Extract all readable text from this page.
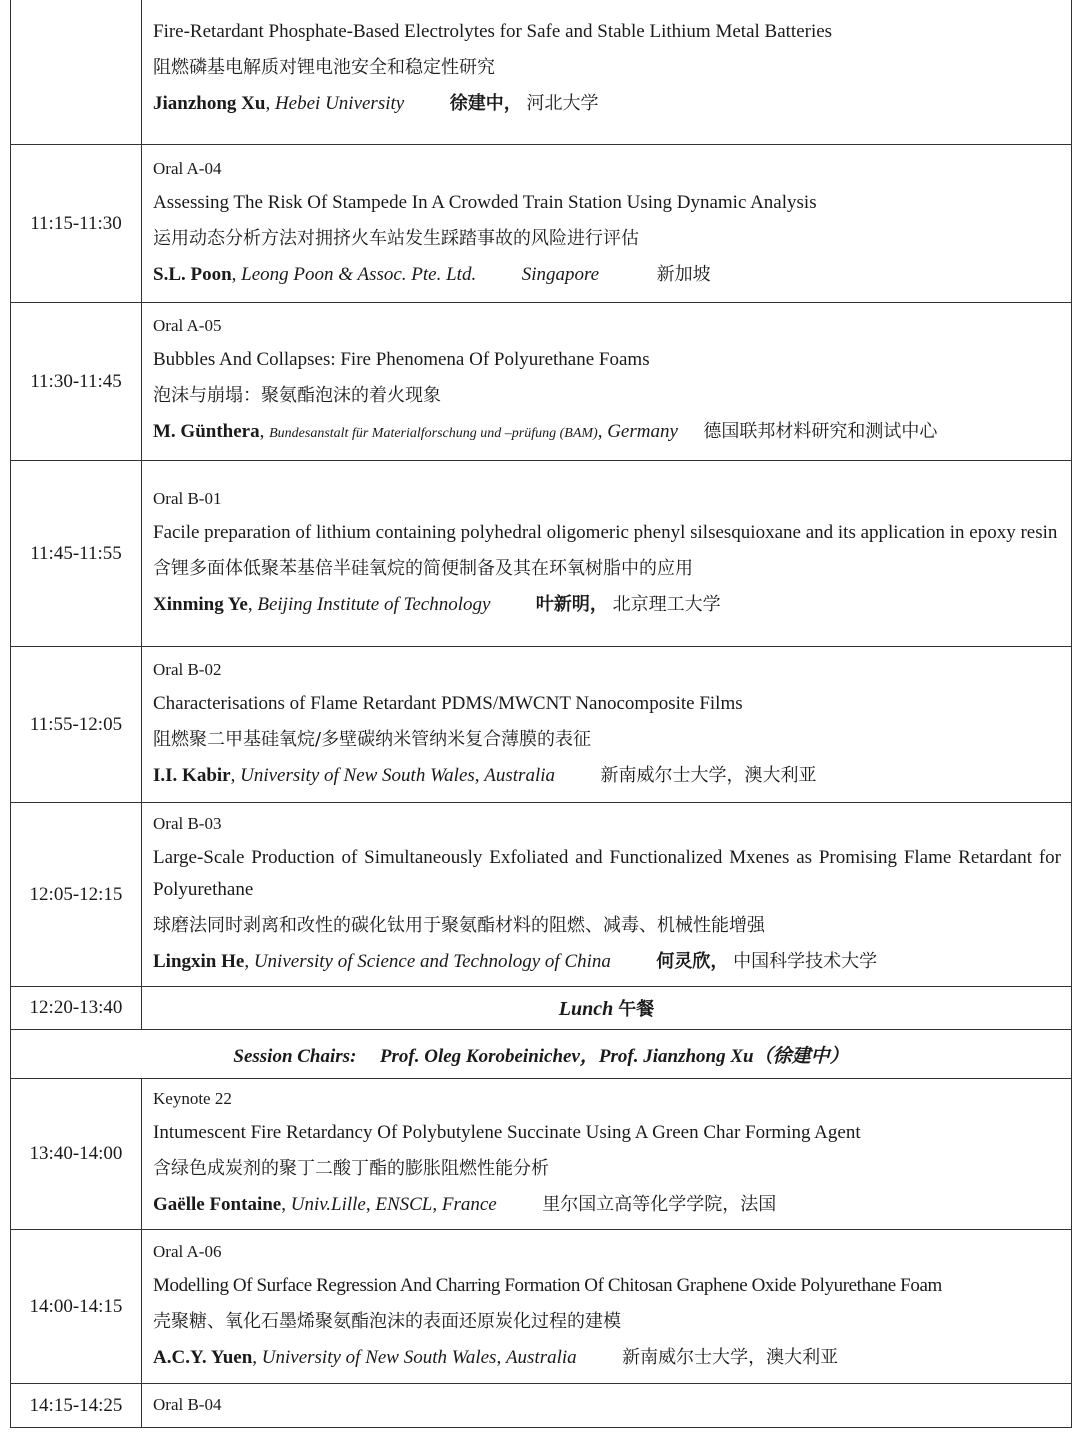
	Fire-Retardant Phosphate-Based Electrolytes for Safe and Stable Lithium Metal Batteries
阻燃磷基电解质对锂电池安全和稳定性研究
Jianzhong Xu, Hebei University 徐建中， 河北大学

11:15-11:30	Oral A-04
Assessing The Risk Of Stampede In A Crowded Train Station Using Dynamic Analysis
运用动态分析方法对拥挤火车站发生踩踏事故的风险进行评估
S.L. Poon, Leong Poon & Assoc. Pte. Ltd. Singapore 新加坡

11:30-11:45	Oral A-05
Bubbles And Collapses: Fire Phenomena Of Polyurethane Foams
泡沫与崩塌：聚氨酯泡沫的着火现象
M. Günthera, Bundesanstalt für Materialforschung und –prüfung (BAM), Germany 德国联邦材料研究和测试中心

11:45-11:55	Oral B-01
Facile preparation of lithium containing polyhedral oligomeric phenyl silsesquioxane and its application in epoxy resin
含锂多面体低聚苯基倍半硅氧烷的简便制备及其在环氧树脂中的应用
Xinming Ye, Beijing Institute of Technology 叶新明， 北京理工大学

11:55-12:05	Oral B-02
Characterisations of Flame Retardant PDMS/MWCNT Nanocomposite Films
阻燃聚二甲基硅氧烷/多壁碳纳米管纳米复合薄膜的表征
I.I. Kabir, University of New South Wales, Australia 新南威尔士大学，澳大利亚

12:05-12:15	Oral B-03
Large-Scale Production of Simultaneously Exfoliated and Functionalized Mxenes as Promising Flame Retardant for Polyurethane
球磨法同时剥离和改性的碳化钛用于聚氨酯材料的阻燃、减毒、机械性能增强
Lingxin He, University of Science and Technology of China 何灵欣， 中国科学技术大学

12:20-13:40	Lunch 午餐
Session Chairs: Prof. Oleg Korobeinichev，Prof. Jianzhong Xu（徐建中）	
13:40-14:00	Keynote 22
Intumescent Fire Retardancy Of Polybutylene Succinate Using A Green Char Forming Agent
含绿色成炭剂的聚丁二酸丁酯的膨胀阻燃性能分析
Gaëlle Fontaine, Univ.Lille, ENSCL, France 里尔国立高等化学学院，法国

14:00-14:15	Oral A-06
Modelling Of Surface Regression And Charring Formation Of Chitosan Graphene Oxide Polyurethane Foam
壳聚糖、氧化石墨烯聚氨酯泡沫的表面还原炭化过程的建模
A.C.Y. Yuen, University of New South Wales, Australia 新南威尔士大学，澳大利亚

14:15-14:25	Oral B-04
